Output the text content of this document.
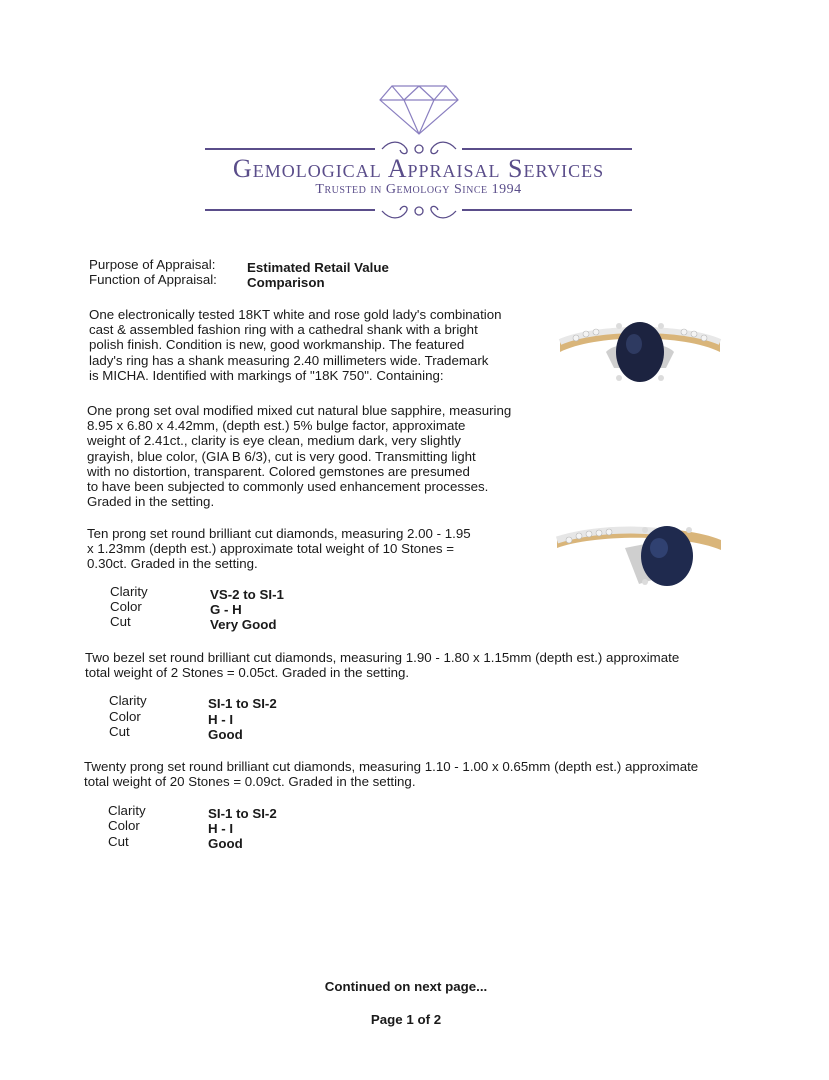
Gemological Appraisal Services
Trusted in Gemology Since 1994
Purpose of Appraisal: Estimated Retail Value
Function of Appraisal: Comparison
One electronically tested 18KT white and rose gold lady's combination
cast & assembled fashion ring with a cathedral shank with a bright
polish finish. Condition is new, good workmanship. The featured
lady's ring has a shank measuring 2.40 millimeters wide. Trademark
is MICHA. Identified with markings of "18K 750". Containing:
One prong set oval modified mixed cut natural blue sapphire, measuring
8.95 x 6.80 x 4.42mm, (depth est.) 5% bulge factor, approximate
weight of 2.41ct., clarity is eye clean, medium dark, very slightly
grayish, blue color, (GIA B 6/3), cut is very good. Transmitting light
with no distortion, transparent. Colored gemstones are presumed
to have been subjected to commonly used enhancement processes.
Graded in the setting.
Ten prong set round brilliant cut diamonds, measuring 2.00 - 1.95
x 1.23mm (depth est.) approximate total weight of 10 Stones =
0.30ct. Graded in the setting.
Clarity	VS-2 to SI-1
Color	G - H
Cut	Very Good
Two bezel set round brilliant cut diamonds, measuring 1.90 - 1.80 x 1.15mm (depth est.) approximate
total weight of 2 Stones = 0.05ct. Graded in the setting.
Clarity	SI-1 to SI-2
Color	H - I
Cut	Good
Twenty prong set round brilliant cut diamonds, measuring 1.10 - 1.00 x 0.65mm (depth est.) approximate
total weight of 20 Stones = 0.09ct. Graded in the setting.
Clarity	SI-1 to SI-2
Color	H - I
Cut	Good
Continued on next page...
Page 1 of 2
